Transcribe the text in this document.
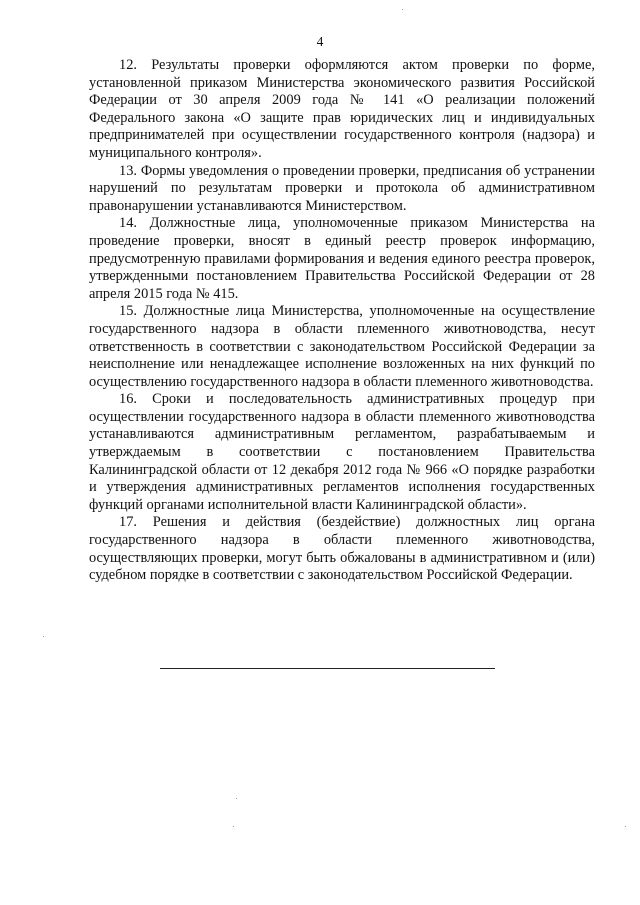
4

12. Результаты проверки оформляются актом проверки по форме, установленной приказом Министерства экономического развития Российской Федерации от 30 апреля 2009 года № 141 «О реализации положений Федерального закона «О защите прав юридических лиц и индивидуальных предпринимателей при осуществлении государственного контроля (надзора) и муниципального контроля».

13. Формы уведомления о проведении проверки, предписания об устранении нарушений по результатам проверки и протокола об административном правонарушении устанавливаются Министерством.

14. Должностные лица, уполномоченные приказом Министерства на проведение проверки, вносят в единый реестр проверок информацию, предусмотренную правилами формирования и ведения единого реестра проверок, утвержденными постановлением Правительства Российской Федерации от 28 апреля 2015 года № 415.

15. Должностные лица Министерства, уполномоченные на осуществление государственного надзора в области племенного животноводства, несут ответственность в соответствии с законодательством Российской Федерации за неисполнение или ненадлежащее исполнение возложенных на них функций по осуществлению государственного надзора в области племенного животноводства.

16. Сроки и последовательность административных процедур при осуществлении государственного надзора в области племенного животноводства устанавливаются административным регламентом, разрабатываемым и утверждаемым в соответствии с постановлением Правительства Калининградской области от 12 декабря 2012 года № 966 «О порядке разработки и утверждения административных регламентов исполнения государственных функций органами исполнительной власти Калининградской области».

17. Решения и действия (бездействие) должностных лиц органа государственного надзора в области племенного животноводства, осуществляющих проверки, могут быть обжалованы в административном и (или) судебном порядке в соответствии с законодательством Российской Федерации.
